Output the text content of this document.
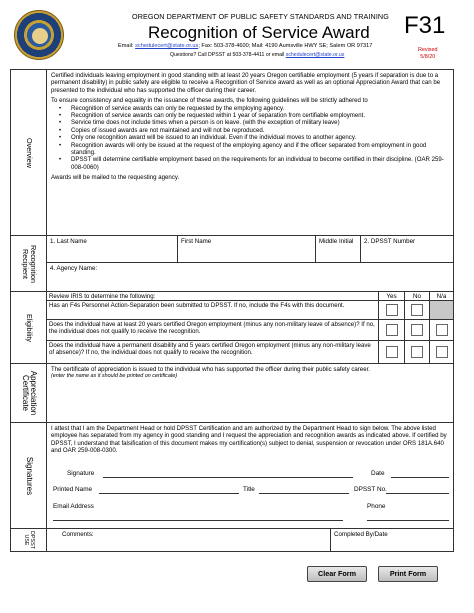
OREGON DEPARTMENT OF PUBLIC SAFETY STANDARDS AND TRAINING
Recognition of Service Award
Email: schedulecert@state.or.us; Fax: 503-378-4600; Mail: 4190 Aumsville HWY SE; Salem OR 97317
Questions? Call DPSST at 503-378-4411 or email schedulecert@state.or.us
F31
Revised
5/8/20
Overview

Certified individuals leaving employment in good standing with at least 20 years Oregon certifiable employment (5 years if separation is due to a permanent disability) in public safety are eligible to receive a Recognition of Service award as well as an optional Appreciation Award that can be presented to the individual who has supported the officer during their career.

To ensure consistency and equality in the issuance of these awards, the following guidelines will be strictly adhered to

• Recognition of service awards can only be requested by the employing agency.
• Recognition of service awards can only be requested within 1 year of separation from certifiable employment.
• Service time does not include times when a person is on leave. (with the exception of military leave)
• Copies of issued awards are not maintained and will not be reproduced.
• Only one recognition award will be issued to an individual. Even if the individual moves to another agency.
• Recognition awards will only be issued at the request of the employing agency and if the officer separated from employment in good standing.
• DPSST will determine certifiable employment based on the requirements for an individual to become certified in their discipline. (OAR 259-008-0060)

Awards will be mailed to the requesting agency.

Recognition
Recipient
1. Last Name	First Name	Middle Initial	2. DPSST Number
4. Agency Name:
Eligibility
Review IRIS to determine the following:	Yes	No	N/a
Has an F4s Personnel Action-Separation been submitted to DPSST. If no, include the F4s with this document.
Does the individual have at least 20 years certified Oregon employment (minus any non-military leave of absence)? If no, the individual does not qualify to receive the recognition.
Does the individual have a permanent disability and 5 years certified Oregon employment (minus any non-military leave of absence)? If no, the individual does not qualify to receive the recognition.
Appreciation
Certificate
The certificate of appreciation is issued to the individual who has supported the officer during their public safety career.
(enter the name as it should be printed on certificate)
Signatures
I attest that I am the Department Head or hold DPSST Certification and am authorized by the Department Head to sign below. The above listed employee has separated from my agency in good standing and I request the appreciation and recognition awards as indicated above. If certified by DPSST, I understand that falsification of this document makes my certification(s) subject to denial, suspension or revocation under ORS 181A.640 and OAR 259-008-0300.
Signature	Date
Printed Name	Title	DPSST No.
Email Address	Phone
DPSST
USE	Comments:	Completed By/Date
Clear Form	Print Form
